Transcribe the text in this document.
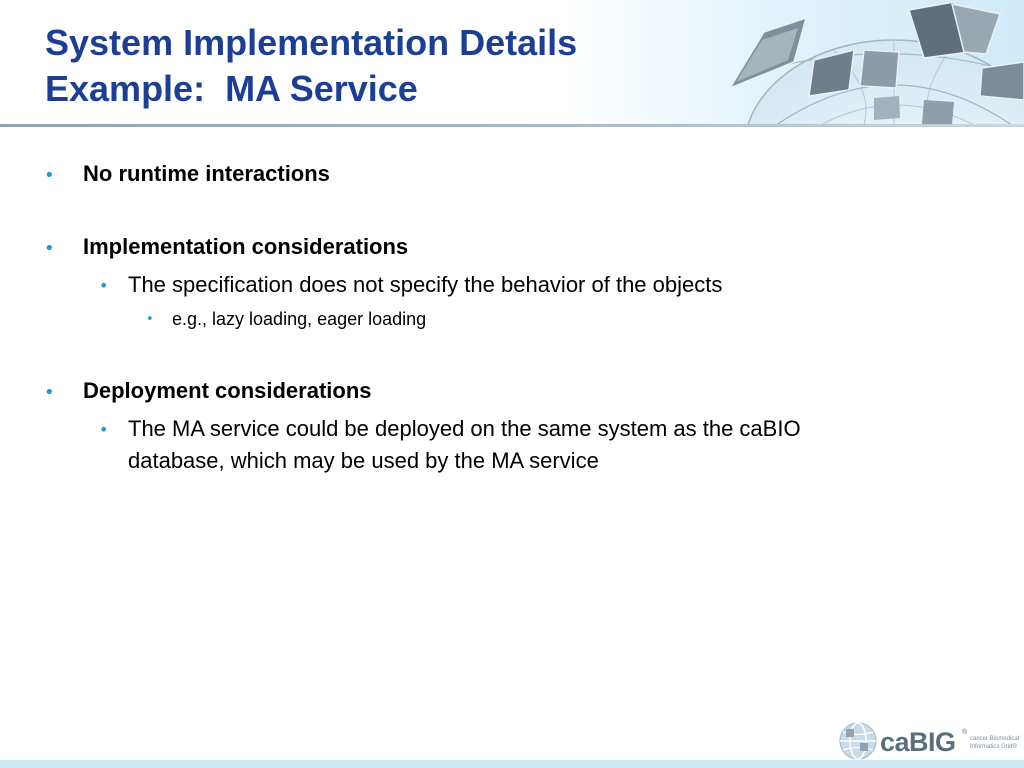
System Implementation Details
Example:  MA Service
• No runtime interactions
• Implementation considerations
• The specification does not specify the behavior of the objects
• e.g., lazy loading, eager loading
• Deployment considerations
• The MA service could be deployed on the same system as the caBIO
database, which may be used by the MA service
caBIG ®
cancer Biomedical Informatics Grid®
